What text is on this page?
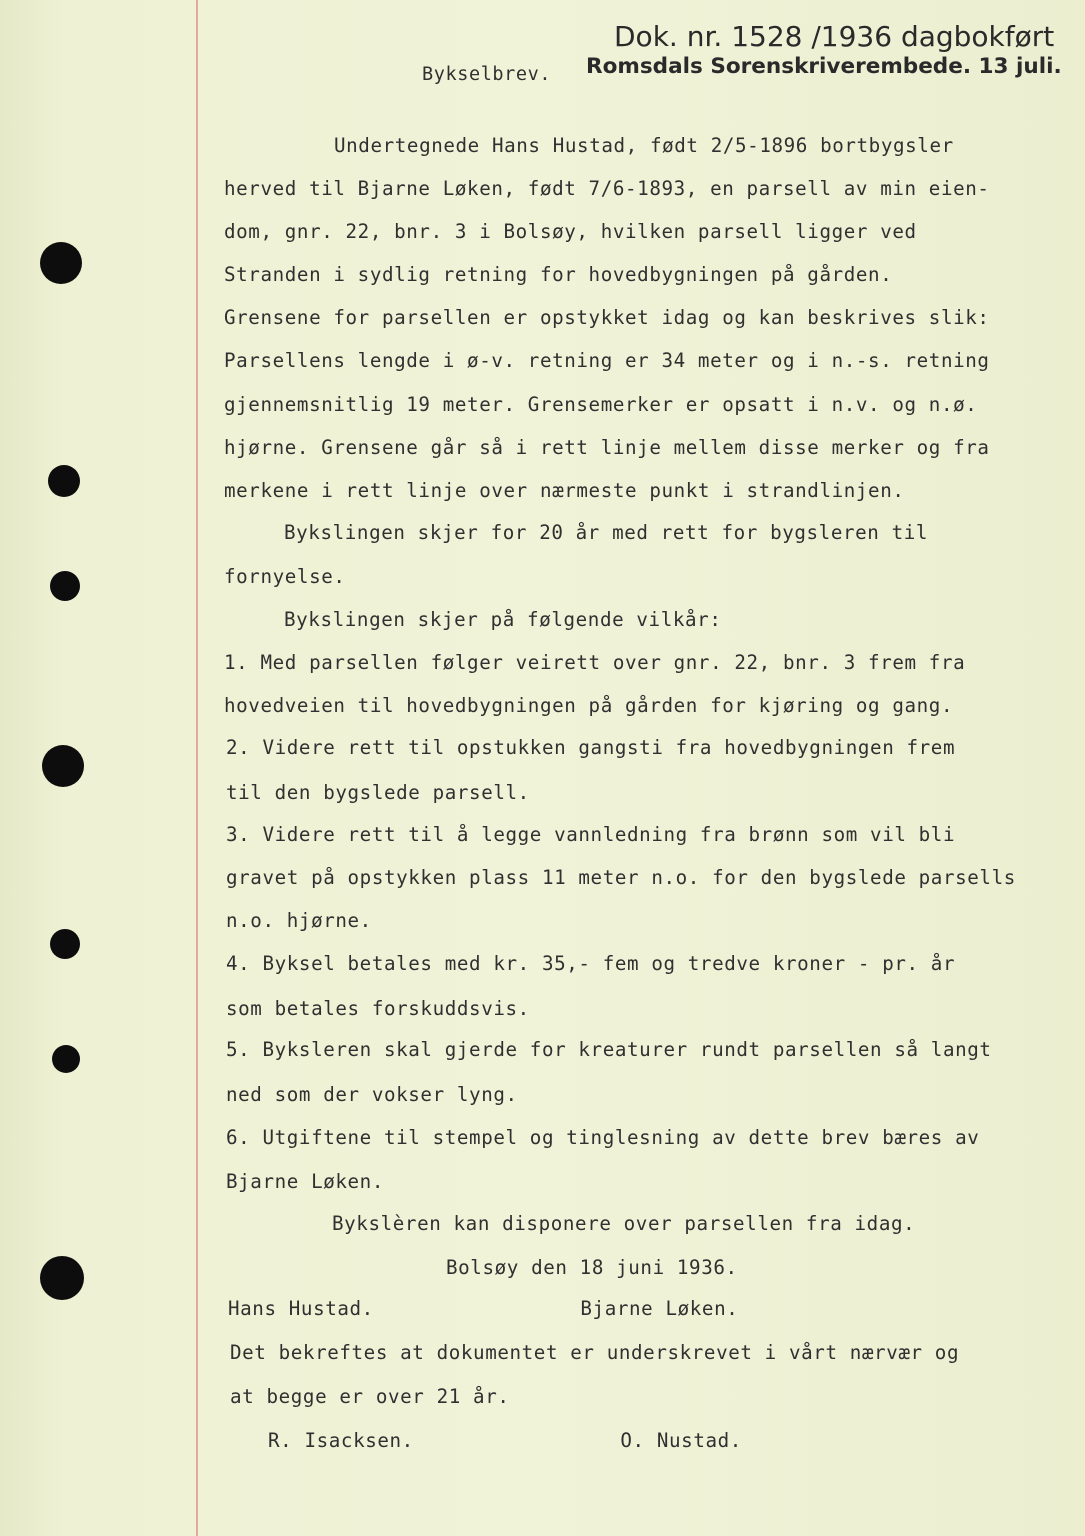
Dok. nr. 1528 /1936 dagbokført
Romsdals Sorenskriverembede. 13 juli.
Bykselbrev.
Undertegnede Hans Hustad, født 2/5-1896 bortbygsler
herved til Bjarne Løken, født 7/6-1893, en parsell av min eien-
dom, gnr. 22, bnr. 3 i Bolsøy, hvilken parsell ligger ved
Stranden i sydlig retning for hovedbygningen på gården.
Grensene for parsellen er opstykket idag og kan beskrives slik:
Parsellens lengde i ø-v. retning er 34 meter og i n.-s. retning
gjennemsnitlig 19 meter. Grensemerker er opsatt i n.v. og n.ø.
hjørne. Grensene går så i rett linje mellem disse merker og fra
merkene i rett linje over nærmeste punkt i strandlinjen.
Bykslingen skjer for 20 år med rett for bygsleren til
fornyelse.
Bykslingen skjer på følgende vilkår:
1. Med parsellen følger veirett over gnr. 22, bnr. 3 frem fra
hovedveien til hovedbygningen på gården for kjøring og gang.
2. Videre rett til opstukken gangsti fra hovedbygningen frem
til den bygslede parsell.
3. Videre rett til å legge vannledning fra brønn som vil bli
gravet på opstykken plass 11 meter n.o. for den bygslede parsells
n.o. hjørne.
4. Byksel betales med kr. 35,- fem og tredve kroner - pr. år
som betales forskuddsvis.
5. Byksleren skal gjerde for kreaturer rundt parsellen så langt
ned som der vokser lyng.
6. Utgiftene til stempel og tinglesning av dette brev bæres av
Bjarne Løken.
Bykslèren kan disponere over parsellen fra idag.
Bolsøy den 18 juni 1936.
Hans Hustad.                 Bjarne Løken.
Det bekreftes at dokumentet er underskrevet i vårt nærvær og
at begge er over 21 år.
R. Isacksen.                 O. Nustad.
